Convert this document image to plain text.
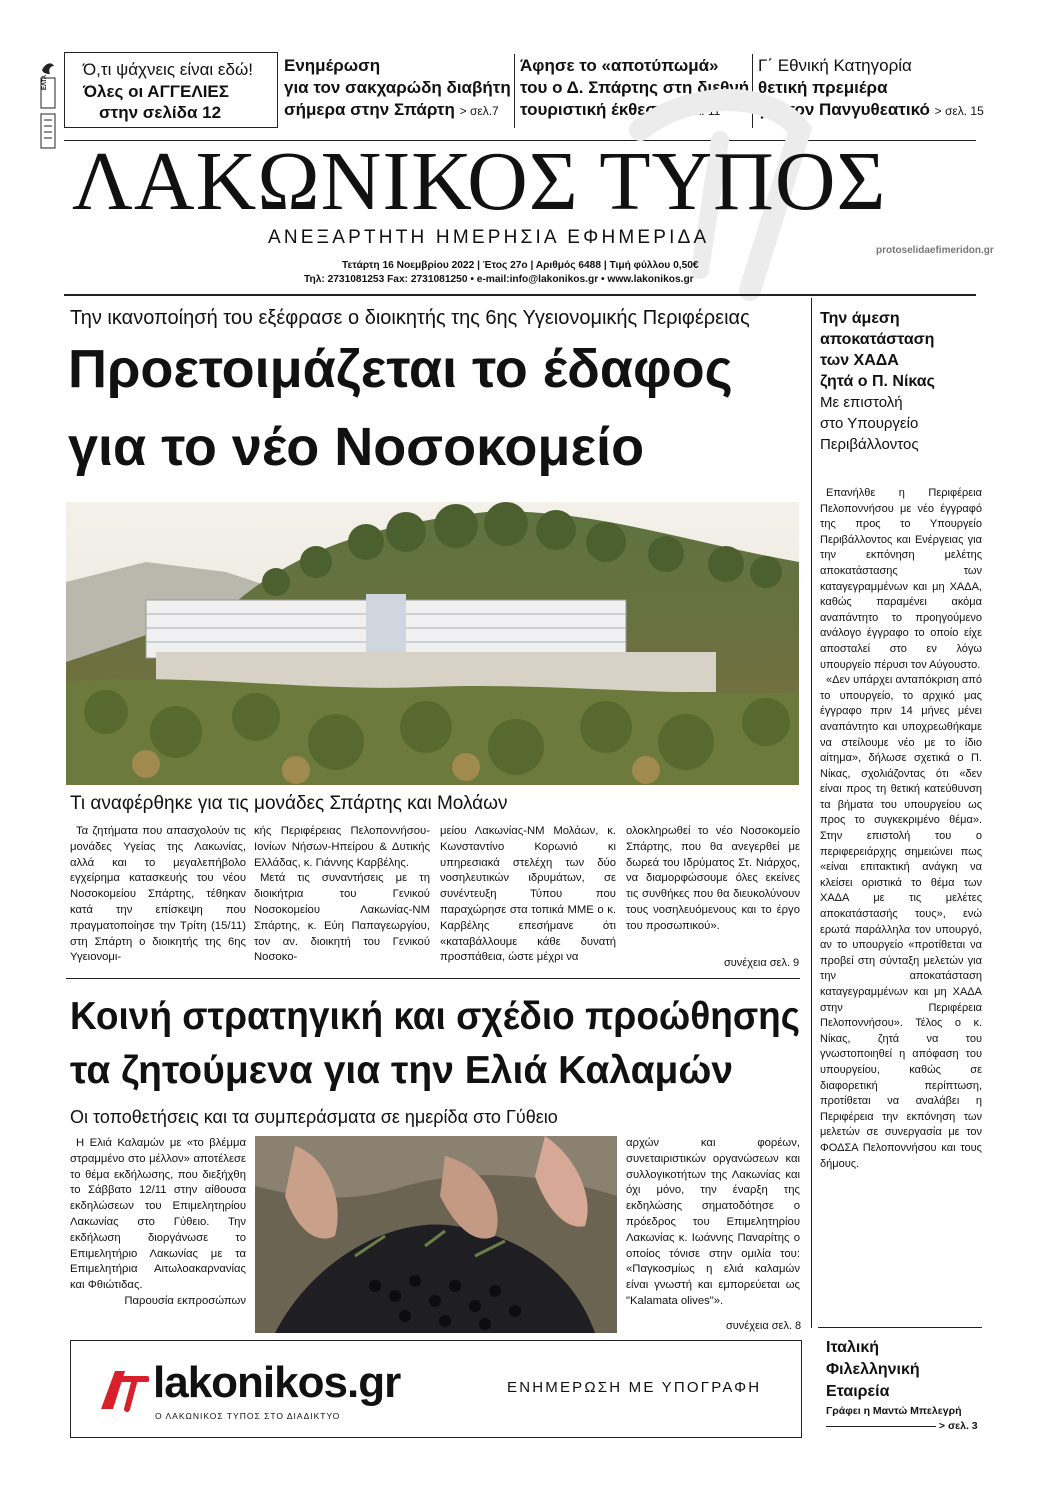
ΕΛΤΑ
Ό,τι ψάχνεις είναι εδώ!
Όλες οι ΑΓΓΕΛΙΕΣ
στην σελίδα 12
Ενημέρωση
για τον σακχαρώδη διαβήτη
σήμερα στην Σπάρτη > σελ.7
Άφησε το «αποτύπωμά»
του ο Δ. Σπάρτης στη διεθνή
τουριστική έκθεση > σελ. 11
Γ΄ Εθνική Κατηγορία
θετική πρεμιέρα
για τον Πανγυθεατικό > σελ. 15
ΛΑΚΩΝΙΚΟΣ ΤΥΠΟΣ
ΑΝΕΞΑΡΤΗΤΗ ΗΜΕΡΗΣΙΑ ΕΦΗΜΕΡΙΔΑ
protoselidaefimeridon.gr
Τετάρτη 16 Νοεμβρίου 2022 | Έτος 27ο | Αριθμός 6488 | Τιμή φύλλου 0,50€
Τηλ: 2731081253 Fax: 2731081250 • e-mail:info@lakonikos.gr • www.lakonikos.gr
Την ικανοποίησή του εξέφρασε ο διοικητής της 6ης Υγειονομικής Περιφέρειας
Προετοιμάζεται το έδαφος
για το νέο Νοσοκομείο
Τι αναφέρθηκε για τις μονάδες Σπάρτης και Μολάων

Τα ζητήματα που απασχολούν τις μονάδες Υγείας της Λακωνίας, αλλά και το μεγαλεπήβολο εγχείρημα κατασκευής του νέου Νοσοκομείου Σπάρτης, τέθηκαν κατά την επίσκεψη που πραγματοποίησε την Τρίτη (15/11) στη Σπάρτη ο διοικητής της 6ης Υγειονομι-

κής Περιφέρειας Πελοποννήσου-Ιονίων Νήσων-Ηπείρου & Δυτικής Ελλάδας, κ. Γιάννης Καρβέλης.

Μετά τις συναντήσεις με τη διοικήτρια του Γενικού Νοσοκομείου Λακωνίας-ΝΜ Σπάρτης, κ. Εύη Παπαγεωργίου, τον αν. διοικητή του Γενικού Νοσοκο-

μείου Λακωνίας-ΝΜ Μολάων, κ. Κωνσταντίνο Κορωνιό κι υπηρεσιακά στελέχη των δύο νοσηλευτικών ιδρυμάτων, σε συνέντευξη Τύπου που παραχώρησε στα τοπικά ΜΜΕ ο κ. Καρβέλης επεσήμανε ότι «καταβάλλουμε κάθε δυνατή προσπάθεια, ώστε μέχρι να

ολοκληρωθεί το νέο Νοσοκομείο Σπάρτης, που θα ανεγερθεί με δωρεά του Ιδρύματος Στ. Νιάρχος, να διαμορφώσουμε όλες εκείνες τις συνθήκες που θα διευκολύνουν τους νοσηλευόμενους και το έργο του προσωπικού».

συνέχεια σελ. 9
Κοινή στρατηγική και σχέδιο προώθησης
τα ζητούμενα για την Ελιά Καλαμών
Οι τοποθετήσεις και τα συμπεράσματα σε ημερίδα στο Γύθειο

Η Ελιά Καλαμών με «το βλέμμα στραμμένο στο μέλλον» αποτέλεσε το θέμα εκδήλωσης, που διεξήχθη το Σάββατο 12/11 στην αίθουσα εκδηλώσεων του Επιμελητηρίου Λακωνίας στο Γύθειο. Την εκδήλωση διοργάνωσε το Επιμελητήριο Λακωνίας με τα Επιμελητήρια Αιτωλοακαρνανίας και Φθιώτιδας.

Παρουσία εκπροσώπων

αρχών και φορέων, συνεταιριστικών οργανώσεων και συλλογικοτήτων της Λακωνίας και όχι μόνο, την έναρξη της εκδηλώσης σηματοδότησε ο πρόεδρος του Επιμελητηρίου Λακωνίας κ. Ιωάννης Παναρίτης ο οποίος τόνισε στην ομιλία του: «Παγκοσμίως η ελιά καλαμών είναι γνωστή και εμπορεύεται ως "Kalamata olives"».

συνέχεια σελ. 8

Την άμεση

αποκατάσταση

των ΧΑΔΑ

ζητά ο Π. Νίκας

Με επιστολή

στο Υπουργείο

Περιβάλλοντος

Επανήλθε η Περιφέρεια Πελοποννήσου με νέο έγγραφό της προς το Υπουργείο Περιβάλλοντος και Ενέργειας για την εκπόνηση μελέτης αποκατάστασης των καταγεγραμμένων και μη ΧΑΔΑ, καθώς παραμένει ακόμα αναπάντητο το προηγούμενο ανάλογο έγγραφο το οποίο είχε αποσταλεί στο εν λόγω υπουργείο πέρυσι τον Αύγουστο.

«Δεν υπάρχει ανταπόκριση από το υπουργείο, το αρχικό μας έγγραφο πριν 14 μήνες μένει αναπάντητο και υποχρεωθήκαμε να στείλουμε νέο με το ίδιο αίτημα», δήλωσε σχετικά ο Π. Νίκας, σχολιάζοντας ότι «δεν είναι προς τη θετική κατεύθυνση τα βήματα του υπουργείου ως προς το συγκεκριμένο θέμα». Στην επιστολή του ο περιφερειάρχης σημειώνει πως «είναι επιτακτική ανάγκη να κλείσει οριστικά το θέμα των ΧΑΔΑ με τις μελέτες αποκατάστασής τους», ενώ ερωτά παράλληλα τον υπουργό, αν το υπουργείο «προτίθεται να προβεί στη σύνταξη μελετών για την αποκατάσταση καταγεγραμμένων και μη ΧΑΔΑ στην Περιφέρεια Πελοποννήσου». Τέλος ο κ. Νίκας, ζητά να του γνωστοποιηθεί η απόφαση του υπουργείου, καθώς σε διαφορετική περίπτωση, προτίθεται να αναλάβει η Περιφέρεια την εκπόνηση των μελετών σε συνεργασία με τον ΦΟΔΣΑ Πελοποννήσου και τους δήμους.

Ιταλική

Φιλελληνική

Εταιρεία

Γράφει η Μαντώ Μπελεγρή

> σελ. 3

lakonikos.gr
Ο ΛΑΚΩΝΙΚΟΣ ΤΥΠΟΣ ΣΤΟ ΔΙΑΔΙΚΤΥΟ
ΕΝΗΜΕΡΩΣΗ ΜΕ ΥΠΟΓΡΑΦΗ
